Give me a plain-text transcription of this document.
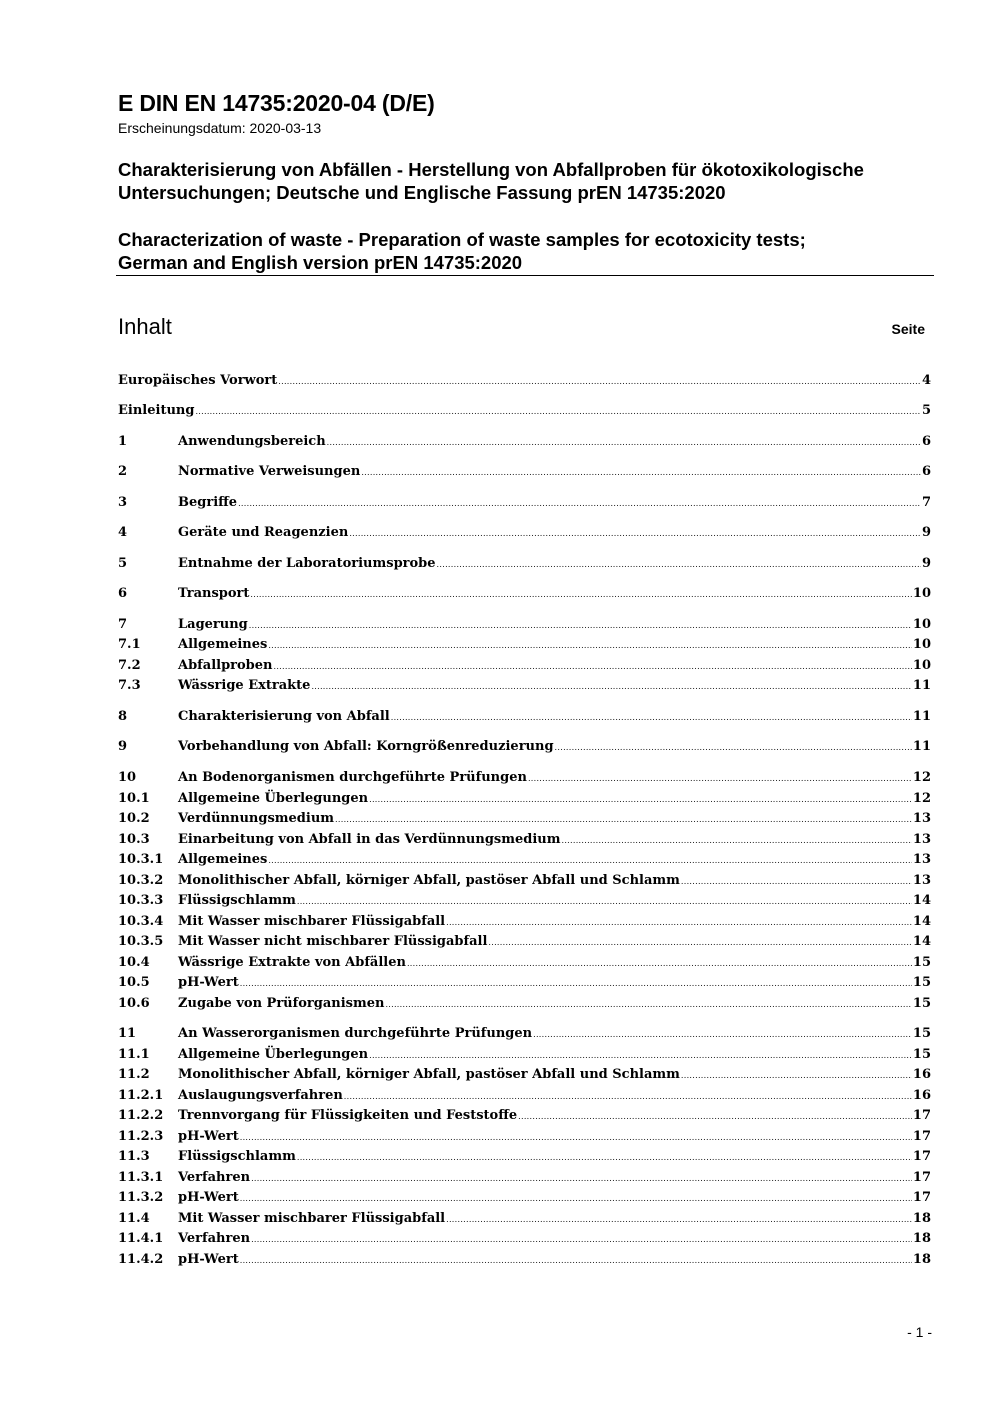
E DIN EN 14735:2020-04 (D/E)
Erscheinungsdatum: 2020-03-13
Charakterisierung von Abfällen - Herstellung von Abfallproben für ökotoxikologische
Untersuchungen; Deutsche und Englische Fassung prEN 14735:2020
Characterization of waste - Preparation of waste samples for ecotoxicity tests;
German and English version prEN 14735:2020
Inhalt	Seite
Europäisches Vorwort .....	4
Einleitung .....	5
1	Anwendungsbereich .....	6
2	Normative Verweisungen .....	6
3	Begriffe .....	7
4	Geräte und Reagenzien .....	9
5	Entnahme der Laboratoriumsprobe .....	9
6	Transport .....	10
7	Lagerung .....	10
7.1	Allgemeines .....	10
7.2	Abfallproben .....	10
7.3	Wässrige Extrakte .....	11
8	Charakterisierung von Abfall .....	11
9	Vorbehandlung von Abfall: Korngrößenreduzierung .....	11
10	An Bodenorganismen durchgeführte Prüfungen .....	12
10.1	Allgemeine Überlegungen .....	12
10.2	Verdünnungsmedium .....	13
10.3	Einarbeitung von Abfall in das Verdünnungsmedium .....	13
10.3.1	Allgemeines .....	13
10.3.2	Monolithischer Abfall, körniger Abfall, pastöser Abfall und Schlamm .....	13
10.3.3	Flüssigschlamm .....	14
10.3.4	Mit Wasser mischbarer Flüssigabfall .....	14
10.3.5	Mit Wasser nicht mischbarer Flüssigabfall .....	14
10.4	Wässrige Extrakte von Abfällen .....	15
10.5	pH-Wert .....	15
10.6	Zugabe von Prüforganismen .....	15
11	An Wasserorganismen durchgeführte Prüfungen .....	15
11.1	Allgemeine Überlegungen .....	15
11.2	Monolithischer Abfall, körniger Abfall, pastöser Abfall und Schlamm .....	16
11.2.1	Auslaugungsverfahren .....	16
11.2.2	Trennvorgang für Flüssigkeiten und Feststoffe .....	17
11.2.3	pH-Wert .....	17
11.3	Flüssigschlamm .....	17
11.3.1	Verfahren .....	17
11.3.2	pH-Wert .....	17
11.4	Mit Wasser mischbarer Flüssigabfall .....	18
11.4.1	Verfahren .....	18
11.4.2	pH-Wert .....	18
- 1 -
